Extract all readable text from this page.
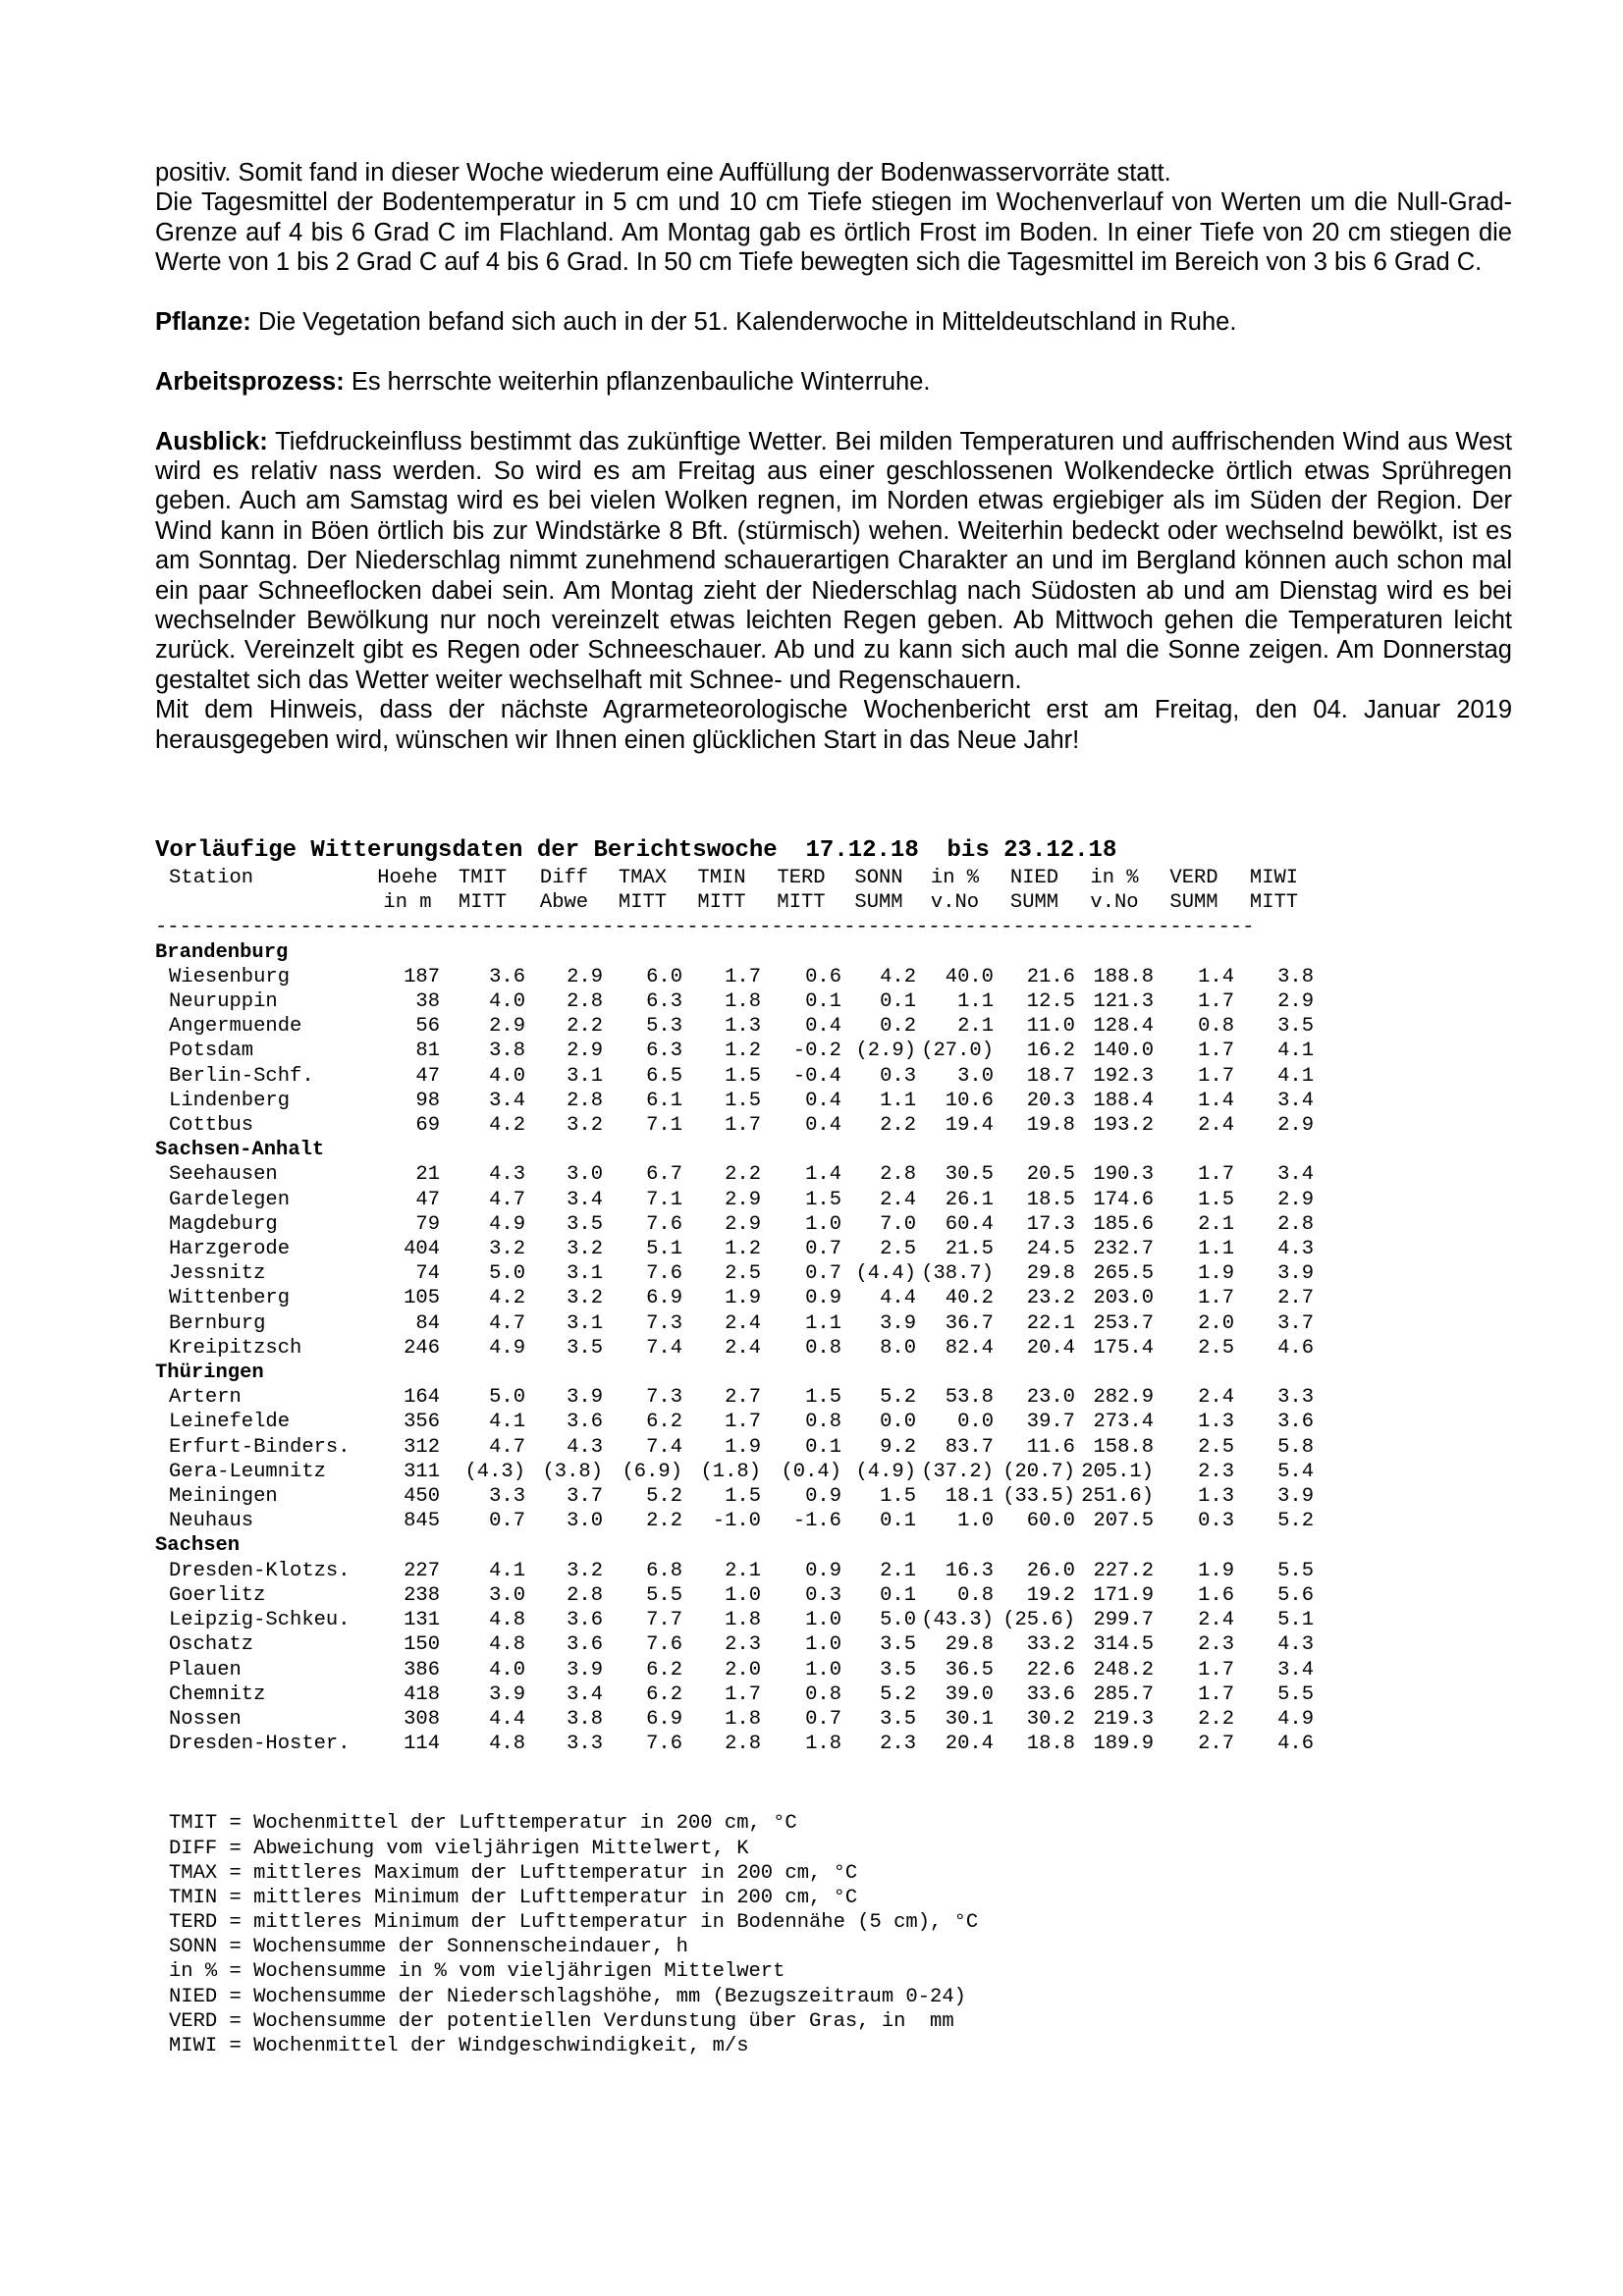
positiv. Somit fand in dieser Woche wiederum eine Auffüllung der Bodenwasservorräte statt.

Die Tagesmittel der Bodentemperatur in 5 cm und 10 cm Tiefe stiegen im Wochenverlauf von Werten um die Null-Grad-Grenze auf 4 bis 6 Grad C im Flachland. Am Montag gab es örtlich Frost im Boden. In einer Tiefe von 20 cm stiegen die Werte von 1 bis 2 Grad C auf 4 bis 6 Grad. In 50 cm Tiefe bewegten sich die Tagesmittel im Bereich von 3 bis 6 Grad C.

Pflanze: Die Vegetation befand sich auch in der 51. Kalenderwoche in Mitteldeutschland in Ruhe.

Arbeitsprozess: Es herrschte weiterhin pflanzenbauliche Winterruhe.

Ausblick: Tiefdruckeinfluss bestimmt das zukünftige Wetter. Bei milden Temperaturen und auffrischenden Wind aus West wird es relativ nass werden. So wird es am Freitag aus einer geschlossenen Wolkendecke örtlich etwas Sprühregen geben. Auch am Samstag wird es bei vielen Wolken regnen, im Norden etwas ergiebiger als im Süden der Region. Der Wind kann in Böen örtlich bis zur Windstärke 8 Bft. (stürmisch) wehen. Weiterhin bedeckt oder wechselnd bewölkt, ist es am Sonntag. Der Niederschlag nimmt zunehmend schauerartigen Charakter an und im Bergland können auch schon mal ein paar Schneeflocken dabei sein. Am Montag zieht der Niederschlag nach Südosten ab und am Dienstag wird es bei wechselnder Bewölkung nur noch vereinzelt etwas leichten Regen geben. Ab Mittwoch gehen die Temperaturen leicht zurück. Vereinzelt gibt es Regen oder Schneeschauer. Ab und zu kann sich auch mal die Sonne zeigen. Am Donnerstag gestaltet sich das Wetter weiter wechselhaft mit Schnee- und Regenschauern.

Mit dem Hinweis, dass der nächste Agrarmeteorologische Wochenbericht erst am Freitag, den 04. Januar 2019 herausgegeben wird, wünschen wir Ihnen einen glücklichen Start in das Neue Jahr!

Vorläufige Witterungsdaten der Berichtswoche  17.12.18  bis 23.12.18
Station	Hoehe	TMIT	Diff	TMAX	TMIN	TERD	SONN	in %	NIED	in %	VERD	MIWI
	in m	MITT	Abwe	MITT	MITT	MITT	SUMM	v.No	SUMM	v.No	SUMM	MITT
-------------------------------------------------------------------------------------------												
Brandenburg												
Wiesenburg	187	3.6	2.9	6.0	1.7	0.6	4.2	40.0	21.6	188.8	1.4	3.8
Neuruppin	38	4.0	2.8	6.3	1.8	0.1	0.1	1.1	12.5	121.3	1.7	2.9
Angermuende	56	2.9	2.2	5.3	1.3	0.4	0.2	2.1	11.0	128.4	0.8	3.5
Potsdam	81	3.8	2.9	6.3	1.2	-0.2	(2.9)	(27.0)	16.2	140.0	1.7	4.1
Berlin-Schf.	47	4.0	3.1	6.5	1.5	-0.4	0.3	3.0	18.7	192.3	1.7	4.1
Lindenberg	98	3.4	2.8	6.1	1.5	0.4	1.1	10.6	20.3	188.4	1.4	3.4
Cottbus	69	4.2	3.2	7.1	1.7	0.4	2.2	19.4	19.8	193.2	2.4	2.9
Sachsen-Anhalt												
Seehausen	21	4.3	3.0	6.7	2.2	1.4	2.8	30.5	20.5	190.3	1.7	3.4
Gardelegen	47	4.7	3.4	7.1	2.9	1.5	2.4	26.1	18.5	174.6	1.5	2.9
Magdeburg	79	4.9	3.5	7.6	2.9	1.0	7.0	60.4	17.3	185.6	2.1	2.8
Harzgerode	404	3.2	3.2	5.1	1.2	0.7	2.5	21.5	24.5	232.7	1.1	4.3
Jessnitz	74	5.0	3.1	7.6	2.5	0.7	(4.4)	(38.7)	29.8	265.5	1.9	3.9
Wittenberg	105	4.2	3.2	6.9	1.9	0.9	4.4	40.2	23.2	203.0	1.7	2.7
Bernburg	84	4.7	3.1	7.3	2.4	1.1	3.9	36.7	22.1	253.7	2.0	3.7
Kreipitzsch	246	4.9	3.5	7.4	2.4	0.8	8.0	82.4	20.4	175.4	2.5	4.6
Thüringen												
Artern	164	5.0	3.9	7.3	2.7	1.5	5.2	53.8	23.0	282.9	2.4	3.3
Leinefelde	356	4.1	3.6	6.2	1.7	0.8	0.0	0.0	39.7	273.4	1.3	3.6
Erfurt-Binders.	312	4.7	4.3	7.4	1.9	0.1	9.2	83.7	11.6	158.8	2.5	5.8
Gera-Leumnitz	311	(4.3)	(3.8)	(6.9)	(1.8)	(0.4)	(4.9)	(37.2)	(20.7)	205.1)	2.3	5.4
Meiningen	450	3.3	3.7	5.2	1.5	0.9	1.5	18.1	(33.5)	251.6)	1.3	3.9
Neuhaus	845	0.7	3.0	2.2	-1.0	-1.6	0.1	1.0	60.0	207.5	0.3	5.2
Sachsen												
Dresden-Klotzs.	227	4.1	3.2	6.8	2.1	0.9	2.1	16.3	26.0	227.2	1.9	5.5
Goerlitz	238	3.0	2.8	5.5	1.0	0.3	0.1	0.8	19.2	171.9	1.6	5.6
Leipzig-Schkeu.	131	4.8	3.6	7.7	1.8	1.0	5.0	(43.3)	(25.6)	299.7	2.4	5.1
Oschatz	150	4.8	3.6	7.6	2.3	1.0	3.5	29.8	33.2	314.5	2.3	4.3
Plauen	386	4.0	3.9	6.2	2.0	1.0	3.5	36.5	22.6	248.2	1.7	3.4
Chemnitz	418	3.9	3.4	6.2	1.7	0.8	5.2	39.0	33.6	285.7	1.7	5.5
Nossen	308	4.4	3.8	6.9	1.8	0.7	3.5	30.1	30.2	219.3	2.2	4.9
Dresden-Hoster.	114	4.8	3.3	7.6	2.8	1.8	2.3	20.4	18.8	189.9	2.7	4.6
TMIT = Wochenmittel der Lufttemperatur in 200 cm, °C
DIFF = Abweichung vom vieljährigen Mittelwert, K
TMAX = mittleres Maximum der Lufttemperatur in 200 cm, °C
TMIN = mittleres Minimum der Lufttemperatur in 200 cm, °C
TERD = mittleres Minimum der Lufttemperatur in Bodennähe (5 cm), °C
SONN = Wochensumme der Sonnenscheindauer, h
in % = Wochensumme in % vom vieljährigen Mittelwert
NIED = Wochensumme der Niederschlagshöhe, mm (Bezugszeitraum 0-24)
VERD = Wochensumme der potentiellen Verdunstung über Gras, in  mm
MIWI = Wochenmittel der Windgeschwindigkeit, m/s
